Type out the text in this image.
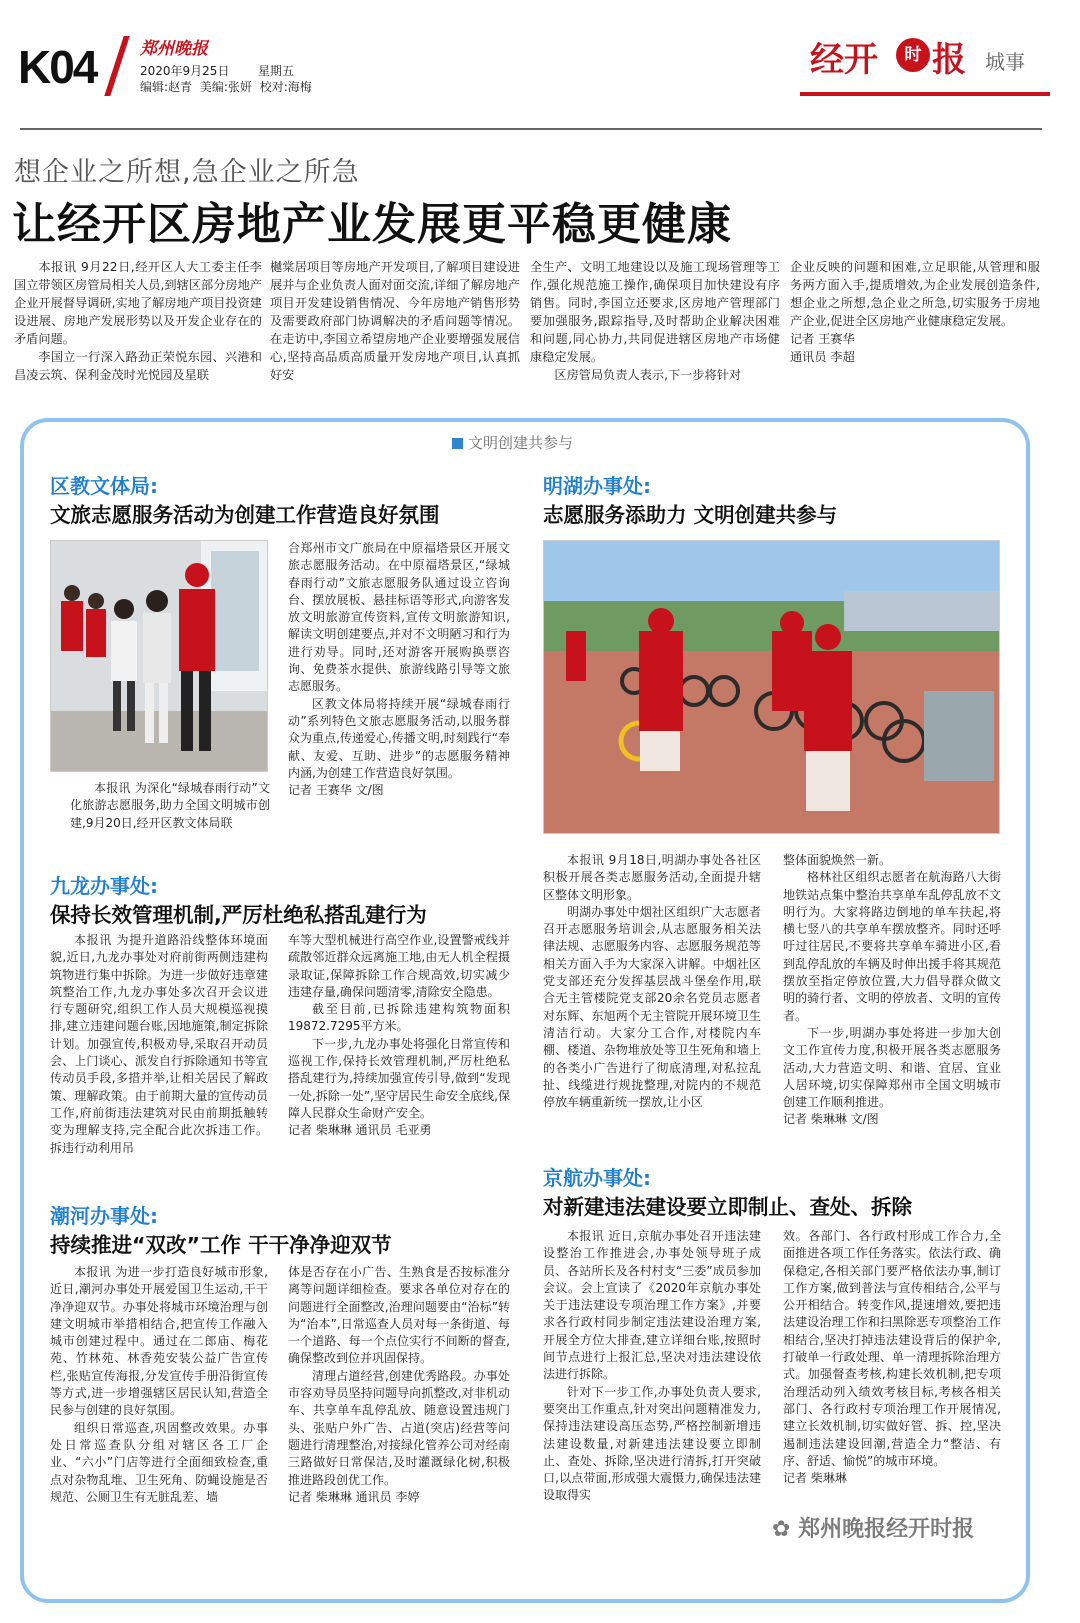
K04	郑州晚报
2020年9月25日 星期五
编辑:赵青 美编:张妍 校对:海梅
经开	时 报 城事
想企业之所想,急企业之所急
让经开区房地产业发展更平稳更健康

本报讯 9月22日,经开区人大工委主任李国立带领区房管局相关人员,到辖区部分房地产企业开展督导调研,实地了解房地产项目投资建设进展、房地产发展形势以及开发企业存在的矛盾问题。

李国立一行深入路劲正荣悦东园、兴港和昌凌云筑、保利金茂时光悦园及星联

樾棠居项目等房地产开发项目,了解项目建设进展并与企业负责人面对面交流,详细了解房地产项目开发建设销售情况、今年房地产销售形势及需要政府部门协调解决的矛盾问题等情况。在走访中,李国立希望房地产企业要增强发展信心,坚持高品质高质量开发房地产项目,认真抓好安

全生产、文明工地建设以及施工现场管理等工作,强化规范施工操作,确保项目加快建设有序销售。同时,李国立还要求,区房地产管理部门要加强服务,跟踪指导,及时帮助企业解决困难和问题,同心协力,共同促进辖区房地产市场健康稳定发展。

区房管局负责人表示,下一步将针对

企业反映的问题和困难,立足职能,从管理和服务两方面入手,提质增效,为企业发展创造条件,想企业之所想,急企业之所急,切实服务于房地产企业,促进全区房地产业健康稳定发展。

记者 王赛华

通讯员 李超

文明创建共参与
区教文体局:
文旅志愿服务活动为创建工作营造良好氛围

本报讯 为深化“绿城春雨行动”文化旅游志愿服务,助力全国文明城市创建,9月20日,经开区教文体局联

合郑州市文广旅局在中原福塔景区开展文旅志愿服务活动。在中原福塔景区,“绿城春雨行动”文旅志愿服务队通过设立咨询台、摆放展板、悬挂标语等形式,向游客发放文明旅游宣传资料,宣传文明旅游知识,解读文明创建要点,并对不文明陋习和行为进行劝导。同时,还对游客开展购换票咨询、免费茶水提供、旅游线路引导等文旅志愿服务。

区教文体局将持续开展“绿城春雨行动”系列特色文旅志愿服务活动,以服务群众为重点,传递爱心,传播文明,时刻践行“奉献、友爱、互助、进步”的志愿服务精神内涵,为创建工作营造良好氛围。

记者 王赛华 文/图

明湖办事处:
志愿服务添助力 文明创建共参与

本报讯 9月18日,明湖办事处各社区积极开展各类志愿服务活动,全面提升辖区整体文明形象。

明湖办事处中烟社区组织广大志愿者召开志愿服务培训会,从志愿服务相关法律法规、志愿服务内容、志愿服务规范等相关方面入手为大家深入讲解。中烟社区党支部还充分发挥基层战斗堡垒作用,联合无主管楼院党支部20余名党员志愿者对东辉、东旭两个无主管院开展环境卫生清洁行动。大家分工合作,对楼院内车棚、楼道、杂物堆放处等卫生死角和墙上的各类小广告进行了彻底清理,对私拉乱扯、线缆进行规拢整理,对院内的不规范停放车辆重新统一摆放,让小区

整体面貌焕然一新。

格林社区组织志愿者在航海路八大街地铁站点集中整治共享单车乱停乱放不文明行为。大家将路边倒地的单车扶起,将横七竖八的共享单车摆放整齐。同时还呼吁过往居民,不要将共享单车骑进小区,看到乱停乱放的车辆及时伸出援手将其规范摆放至指定停放位置,大力倡导群众做文明的骑行者、文明的停放者、文明的宣传者。

下一步,明湖办事处将进一步加大创文工作宣传力度,积极开展各类志愿服务活动,大力营造文明、和谐、宜居、宜业人居环境,切实保障郑州市全国文明城市创建工作顺利推进。

记者 柴琳琳 文/图

九龙办事处:
保持长效管理机制,严厉杜绝私搭乱建行为

本报讯 为提升道路沿线整体环境面貌,近日,九龙办事处对府前街两侧违建构筑物进行集中拆除。为进一步做好违章建筑整治工作,九龙办事处多次召开会议进行专题研究,组织工作人员大规模巡视摸排,建立违建问题台账,因地施策,制定拆除计划。加强宣传,积极劝导,采取召开动员会、上门谈心、派发自行拆除通知书等宣传动员手段,多措并举,让相关居民了解政策、理解政策。由于前期大量的宣传动员工作,府前街违法建筑对民由前期抵触转变为理解支持,完全配合此次拆违工作。拆违行动利用吊

车等大型机械进行高空作业,设置警戒线并疏散邻近群众远离施工地,由无人机全程摄录取证,保障拆除工作合规高效,切实减少违建存量,确保问题清零,清除安全隐患。

截至目前,已拆除违建构筑物面积19872.7295平方米。

下一步,九龙办事处将强化日常宣传和巡视工作,保持长效管理机制,严厉杜绝私搭乱建行为,持续加强宣传引导,做到“发现一处,拆除一处”,坚守居民生命安全底线,保障人民群众生命财产安全。

记者 柴琳琳 通讯员 毛亚勇

京航办事处:
对新建违法建设要立即制止、查处、拆除

本报讯 近日,京航办事处召开违法建设整治工作推进会,办事处领导班子成员、各站所长及各村村支“三委”成员参加会议。会上宣读了《2020年京航办事处关于违法建设专项治理工作方案》,并要求各行政村同步制定违法建设治理方案,开展全方位大排查,建立详细台账,按照时间节点进行上报汇总,坚决对违法建设依法进行拆除。

针对下一步工作,办事处负责人要求,要突出工作重点,针对突出问题精准发力,保持违法建设高压态势,严格控制新增违法建设数量,对新建违法建设要立即制止、查处、拆除,坚决进行清拆,打开突破口,以点带面,形成强大震慑力,确保违法建设取得实

效。各部门、各行政村形成工作合力,全面推进各项工作任务落实。依法行政、确保稳定,各相关部门要严格依法办事,制订工作方案,做到普法与宣传相结合,公平与公开相结合。转变作风,提速增效,要把违法建设治理工作和扫黑除恶专项整治工作相结合,坚决打掉违法建设背后的保护伞,打破单一行政处理、单一清理拆除治理方式。加强督查考核,构建长效机制,把专项治理活动列入绩效考核目标,考核各相关部门、各行政村专项治理工作开展情况,建立长效机制,切实做好管、拆、控,坚决遏制违法建设回潮,营造全力“整洁、有序、舒适、愉悦”的城市环境。

记者 柴琳琳

✿ 郑州晚报经开时报
潮河办事处:
持续推进“双改”工作 干干净净迎双节

本报讯 为进一步打造良好城市形象,近日,潮河办事处开展爱国卫生运动,干干净净迎双节。办事处将城市环境治理与创建文明城市举措相结合,把宣传工作融入城市创建过程中。通过在二郎庙、梅花苑、竹林苑、林香苑安装公益广告宣传栏,张贴宣传海报,分发宣传手册沿街宣传等方式,进一步增强辖区居民认知,营造全民参与创建的良好氛围。

组织日常巡查,巩固整改效果。办事处日常巡查队分组对辖区各工厂企业、“六小”门店等进行全面细致检查,重点对杂物乱堆、卫生死角、防蝇设施是否规范、公厕卫生有无脏乱差、墙

体是否存在小广告、生熟食是否按标准分离等问题详细检查。要求各单位对存在的问题进行全面整改,治理问题要由“治标”转为“治本”,日常巡查人员对每一条街道、每一个道路、每一个点位实行不间断的督查,确保整改到位并巩固保持。

清理占道经营,创建优秀路段。办事处市容劝导员坚持问题导向抓整改,对非机动车、共享单车乱停乱放、随意设置违规门头、张贴户外广告、占道(突店)经营等问题进行清理整治,对接绿化管养公司对经南三路做好日常保洁,及时灌溉绿化树,积极推进路段创优工作。

记者 柴琳琳 通讯员 李婷
